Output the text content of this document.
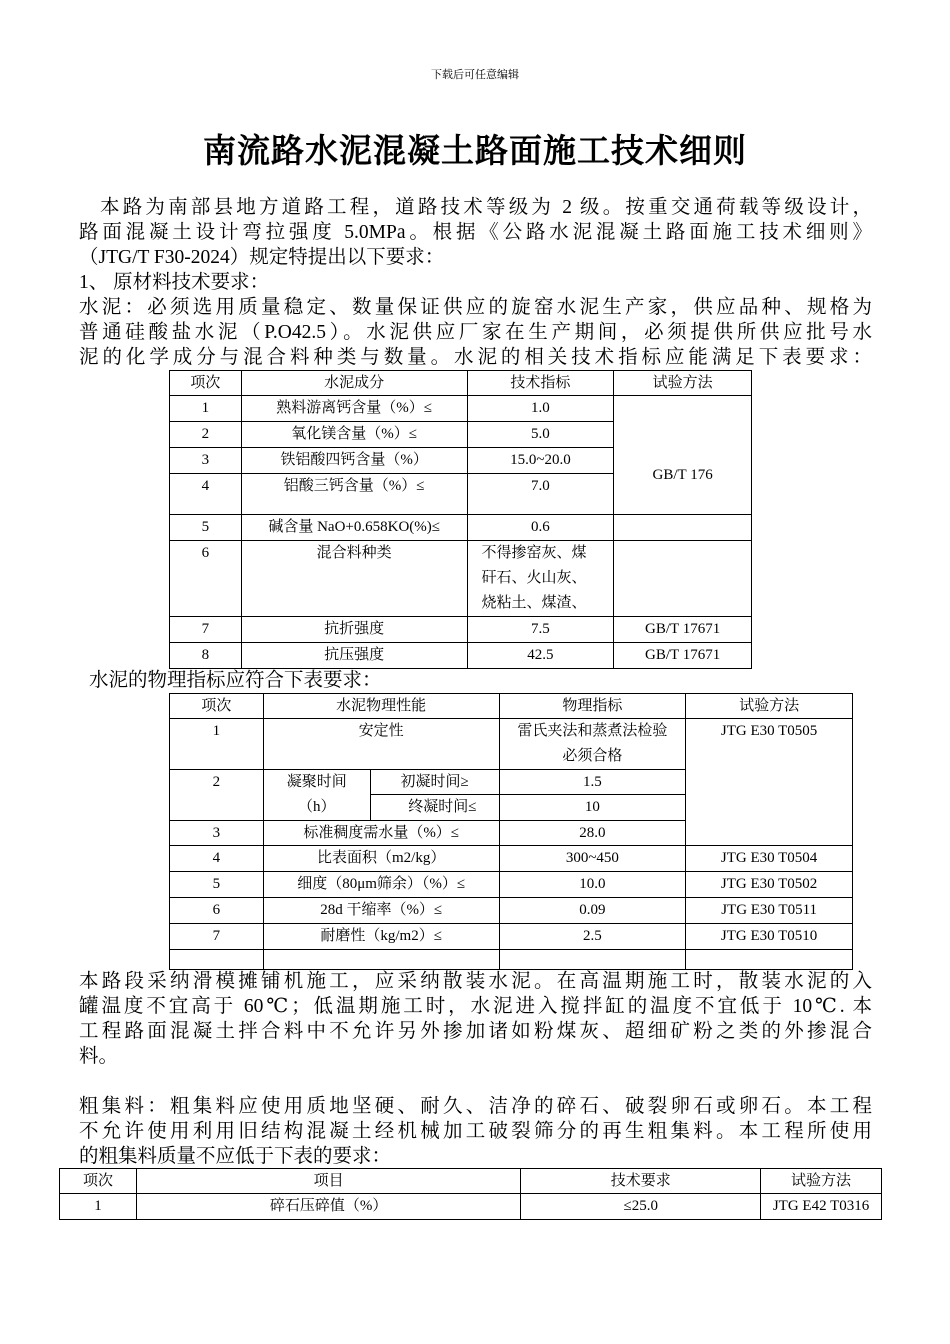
下载后可任意编辑
南流路水泥混凝土路面施工技术细则
本路为南部县地方道路工程，道路技术等级为 2 级。按重交通荷载等级设计，
路面混凝土设计弯拉强度 5.0MPa。根据《公路水泥混凝土路面施工技术细则》
（JTG/T F30-2024）规定特提出以下要求：
1、 原材料技术要求：
水泥：必须选用质量稳定、数量保证供应的旋窑水泥生产家，供应品种、规格为
普通硅酸盐水泥（P.O42.5）。水泥供应厂家在生产期间，必须提供所供应批号水
泥的化学成分与混合料种类与数量。水泥的相关技术指标应能满足下表要求：
项次	水泥成分	技术指标	试验方法
1	熟料游离钙含量（%）≤	1.0	GB/T 176
2	氧化镁含量（%）≤	5.0	
3	铁铝酸四钙含量（%）	15.0~20.0	
4	铝酸三钙含量（%）≤	7.0	
5	碱含量 NaO+0.658KO(%)≤	0.6	
6	混合料种类	不得掺窑灰、煤
矸石、火山灰、
烧粘土、煤渣、	

7	抗折强度	7.5	GB/T 17671
8	抗压强度	42.5	GB/T 17671
水泥的物理指标应符合下表要求：
项次	水泥物理性能		物理指标	试验方法
1	安定性		雷氏夹法和蒸煮法检验
必须合格	JTG E30 T0505
2	凝聚时间
（h）	初凝时间≥	1.5	
		终凝时间≤	10	
3	标准稠度需水量（%）≤		28.0	
4	比表面积（m2/kg）		300~450	JTG E30 T0504
5	细度（80μm筛余）（%）≤		10.0	JTG E30 T0502
6	28d 干缩率（%）≤		0.09	JTG E30 T0511
7	耐磨性（kg/m2）≤		2.5	JTG E30 T0510

本路段采纳滑模摊铺机施工，应采纳散装水泥。在高温期施工时，散装水泥的入
罐温度不宜高于 60℃；低温期施工时，水泥进入搅拌缸的温度不宜低于 10℃. 本
工程路面混凝土拌合料中不允许另外掺加诸如粉煤灰、超细矿粉之类的外掺混合
料。
粗集料：粗集料应使用质地坚硬、耐久、洁净的碎石、破裂卵石或卵石。本工程
不允许使用利用旧结构混凝土经机械加工破裂筛分的再生粗集料。本工程所使用
的粗集料质量不应低于下表的要求：
项次	项目	技术要求	试验方法
1	碎石压碎值（%）	≤25.0	JTG E42 T0316
